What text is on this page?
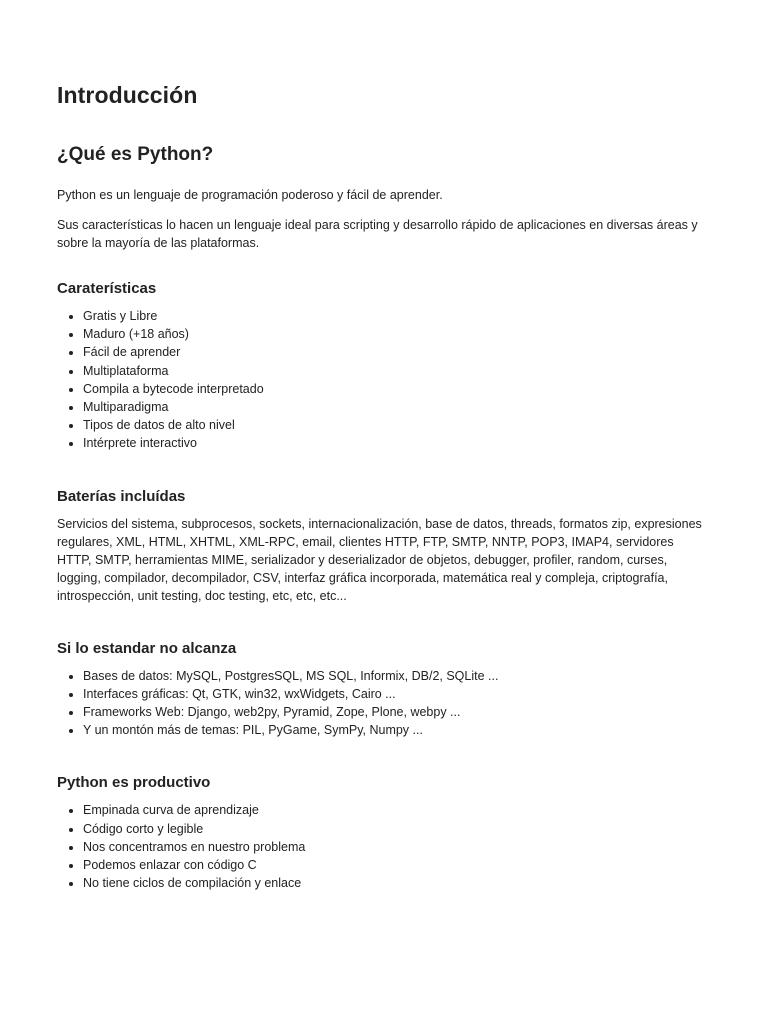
Introducción
¿Qué es Python?

Python es un lenguaje de programación poderoso y fácil de aprender.

Sus características lo hacen un lenguaje ideal para scripting y desarrollo rápido de aplicaciones en diversas áreas y sobre la mayoría de las plataformas.

Caraterísticas
• Gratis y Libre
• Maduro (+18 años)
• Fácil de aprender
• Multiplataforma
• Compila a bytecode interpretado
• Multiparadigma
• Tipos de datos de alto nivel
• Intérprete interactivo
Baterías incluídas

Servicios del sistema, subprocesos, sockets, internacionalización, base de datos, threads, formatos zip, expresiones regulares, XML, HTML, XHTML, XML-RPC, email, clientes HTTP, FTP, SMTP, NNTP, POP3, IMAP4, servidores HTTP, SMTP, herramientas MIME, serializador y deserializador de objetos, debugger, profiler, random, curses, logging, compilador, decompilador, CSV, interfaz gráfica incorporada, matemática real y compleja, criptografía, introspección, unit testing, doc testing, etc, etc, etc...

Si lo estandar no alcanza
• Bases de datos: MySQL, PostgresSQL, MS SQL, Informix, DB/2, SQLite ...
• Interfaces gráficas: Qt, GTK, win32, wxWidgets, Cairo ...
• Frameworks Web: Django, web2py, Pyramid, Zope, Plone, webpy ...
• Y un montón más de temas: PIL, PyGame, SymPy, Numpy ...
Python es productivo
• Empinada curva de aprendizaje
• Código corto y legible
• Nos concentramos en nuestro problema
• Podemos enlazar con código C
• No tiene ciclos de compilación y enlace
